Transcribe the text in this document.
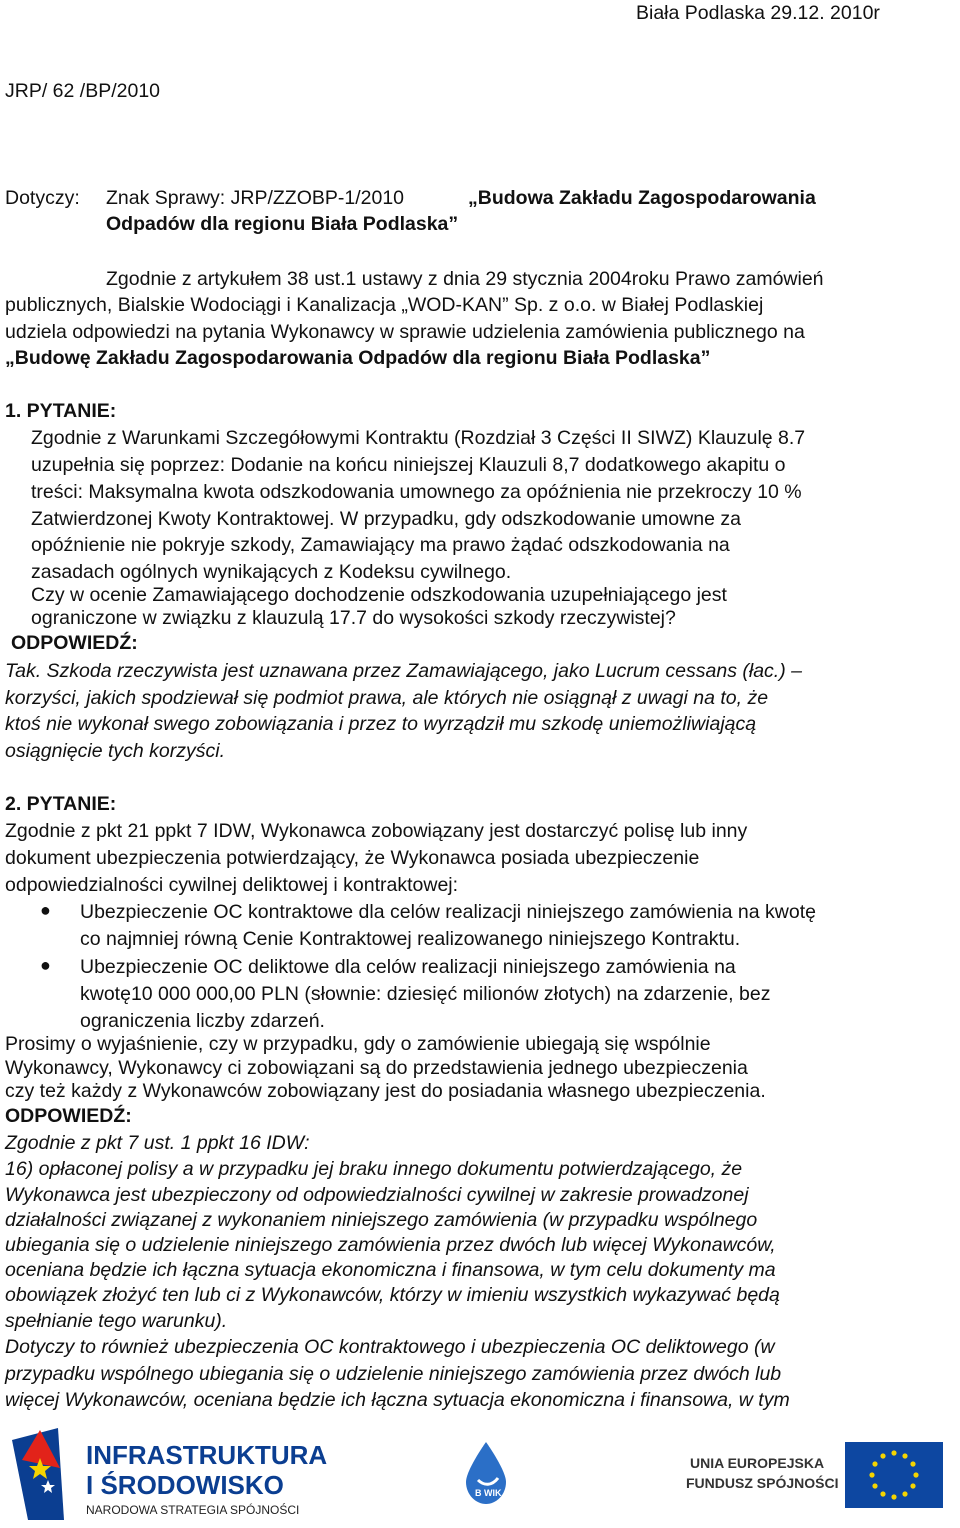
Biała Podlaska 29.12. 2010r
JRP/ 62 /BP/2010
Dotyczy: Znak Sprawy: JRP/ZZOBP-1/2010	„Budowa Zakładu Zagospodarowania
Odpadów dla regionu Biała Podlaska”
Zgodnie z artykułem 38 ust.1 ustawy z dnia 29 stycznia 2004roku Prawo zamówień
publicznych, Bialskie Wodociągi i Kanalizacja „WOD-KAN” Sp. z o.o. w Białej Podlaskiej
udziela odpowiedzi na pytania Wykonawcy w sprawie udzielenia zamówienia publicznego na
„Budowę Zakładu Zagospodarowania Odpadów dla regionu Biała Podlaska”
1. PYTANIE:
Zgodnie z Warunkami Szczegółowymi Kontraktu (Rozdział 3 Części II SIWZ) Klauzulę 8.7
uzupełnia się poprzez: Dodanie na końcu niniejszej Klauzuli 8,7 dodatkowego akapitu o
treści: Maksymalna kwota odszkodowania umownego za opóźnienia nie przekroczy 10 %
Zatwierdzonej Kwoty Kontraktowej. W przypadku, gdy odszkodowanie umowne za
opóźnienie nie pokryje szkody, Zamawiający ma prawo żądać odszkodowania na
zasadach ogólnych wynikających z Kodeksu cywilnego.
Czy w ocenie Zamawiającego dochodzenie odszkodowania uzupełniającego jest
ograniczone w związku z klauzulą 17.7 do wysokości szkody rzeczywistej?
ODPOWIEDŹ:
Tak. Szkoda rzeczywista jest uznawana przez Zamawiającego, jako Lucrum cessans (łac.) –
korzyści, jakich spodziewał się podmiot prawa, ale których nie osiągnął z uwagi na to, że
ktoś nie wykonał swego zobowiązania i przez to wyrządził mu szkodę uniemożliwiającą
osiągnięcie tych korzyści.
2. PYTANIE:
Zgodnie z pkt 21 ppkt 7 IDW, Wykonawca zobowiązany jest dostarczyć polisę lub inny
dokument ubezpieczenia potwierdzający, że Wykonawca posiada ubezpieczenie
odpowiedzialności cywilnej deliktowej i kontraktowej:
● Ubezpieczenie OC kontraktowe dla celów realizacji niniejszego zamówienia na kwotę
co najmniej równą Cenie Kontraktowej realizowanego niniejszego Kontraktu.
● Ubezpieczenie OC deliktowe dla celów realizacji niniejszego zamówienia na
kwotę10 000 000,00 PLN (słownie: dziesięć milionów złotych) na zdarzenie, bez
ograniczenia liczby zdarzeń.
Prosimy o wyjaśnienie, czy w przypadku, gdy o zamówienie ubiegają się wspólnie
Wykonawcy, Wykonawcy ci zobowiązani są do przedstawienia jednego ubezpieczenia
czy też każdy z Wykonawców zobowiązany jest do posiadania własnego ubezpieczenia.
ODPOWIEDŹ:
Zgodnie z pkt 7 ust. 1 ppkt 16 IDW:
16) opłaconej polisy a w przypadku jej braku innego dokumentu potwierdzającego, że
Wykonawca jest ubezpieczony od odpowiedzialności cywilnej w zakresie prowadzonej
działalności związanej z wykonaniem niniejszego zamówienia (w przypadku wspólnego
ubiegania się o udzielenie niniejszego zamówienia przez dwóch lub więcej Wykonawców,
oceniana będzie ich łączna sytuacja ekonomiczna i finansowa, w tym celu dokumenty ma
obowiązek złożyć ten lub ci z Wykonawców, którzy w imieniu wszystkich wykazywać będą
spełnianie tego warunku).
Dotyczy to również ubezpieczenia OC kontraktowego i ubezpieczenia OC deliktowego (w
przypadku wspólnego ubiegania się o udzielenie niniejszego zamówienia przez dwóch lub
więcej Wykonawców, oceniana będzie ich łączna sytuacja ekonomiczna i finansowa, w tym
INFRASTRUKTURA
I ŚRODOWISKO
NARODOWA STRATEGIA SPÓJNOŚCI
B WIK
UNIA EUROPEJSKA
FUNDUSZ SPÓJNOŚCI
